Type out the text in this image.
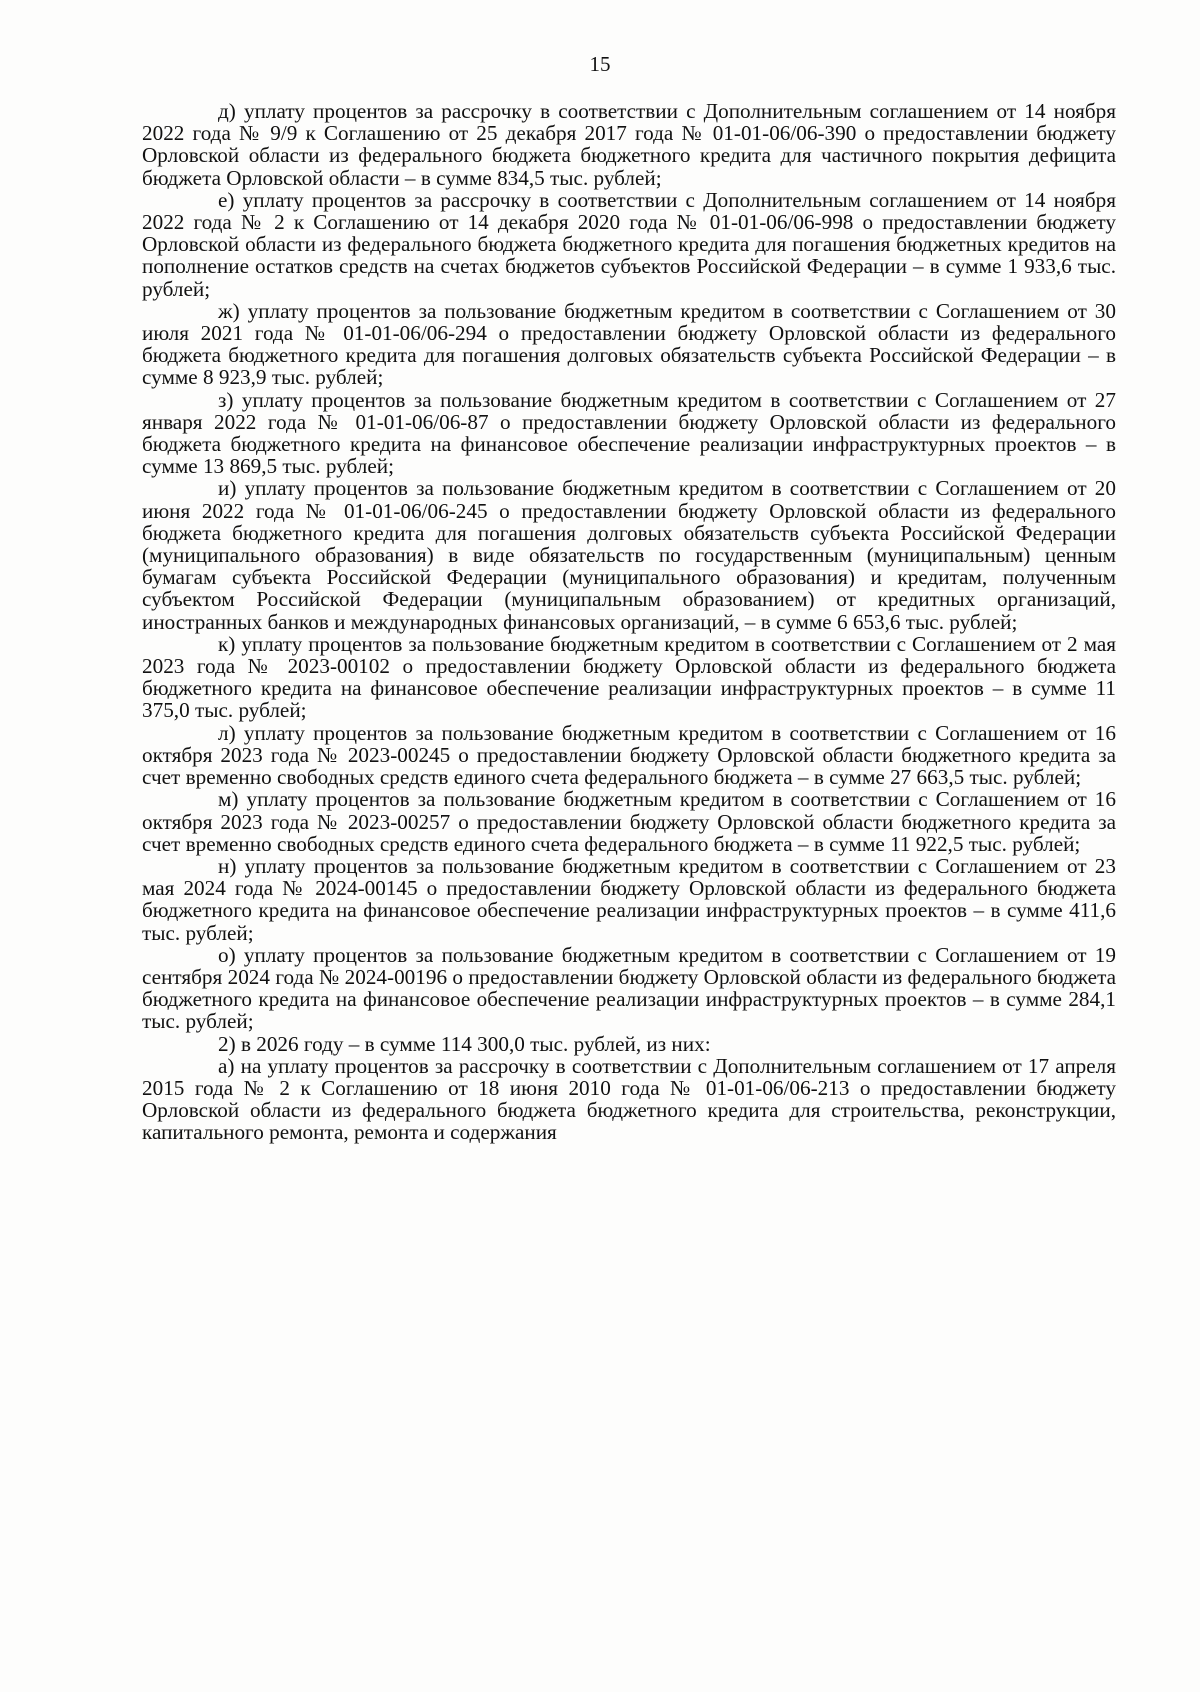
15

д) уплату процентов за рассрочку в соответствии с Дополнительным соглашением от 14 ноября 2022 года № 9/9 к Соглашению от 25 декабря 2017 года № 01-01-06/06-390 о предоставлении бюджету Орловской области из федерального бюджета бюджетного кредита для частичного покрытия дефицита бюджета Орловской области – в сумме 834,5 тыс. рублей;

е) уплату процентов за рассрочку в соответствии с Дополнительным соглашением от 14 ноября 2022 года № 2 к Соглашению от 14 декабря 2020 года № 01-01-06/06-998 о предоставлении бюджету Орловской области из федерального бюджета бюджетного кредита для погашения бюджетных кредитов на пополнение остатков средств на счетах бюджетов субъектов Российской Федерации – в сумме 1 933,6 тыс. рублей;

ж) уплату процентов за пользование бюджетным кредитом в соответствии с Соглашением от 30 июля 2021 года № 01-01-06/06-294 о предоставлении бюджету Орловской области из федерального бюджета бюджетного кредита для погашения долговых обязательств субъекта Российской Федерации – в сумме 8 923,9 тыс. рублей;

з) уплату процентов за пользование бюджетным кредитом в соответствии с Соглашением от 27 января 2022 года № 01-01-06/06-87 о предоставлении бюджету Орловской области из федерального бюджета бюджетного кредита на финансовое обеспечение реализации инфраструктурных проектов – в сумме 13 869,5 тыс. рублей;

и) уплату процентов за пользование бюджетным кредитом в соответствии с Соглашением от 20 июня 2022 года № 01-01-06/06-245 о предоставлении бюджету Орловской области из федерального бюджета бюджетного кредита для погашения долговых обязательств субъекта Российской Федерации (муниципального образования) в виде обязательств по государственным (муниципальным) ценным бумагам субъекта Российской Федерации (муниципального образования) и кредитам, полученным субъектом Российской Федерации (муниципальным образованием) от кредитных организаций, иностранных банков и международных финансовых организаций, – в сумме 6 653,6 тыс. рублей;

к) уплату процентов за пользование бюджетным кредитом в соответствии с Соглашением от 2 мая 2023 года № 2023-00102 о предоставлении бюджету Орловской области из федерального бюджета бюджетного кредита на финансовое обеспечение реализации инфраструктурных проектов – в сумме 11 375,0 тыс. рублей;

л) уплату процентов за пользование бюджетным кредитом в соответствии с Соглашением от 16 октября 2023 года № 2023-00245 о предоставлении бюджету Орловской области бюджетного кредита за счет временно свободных средств единого счета федерального бюджета – в сумме 27 663,5 тыс. рублей;

м) уплату процентов за пользование бюджетным кредитом в соответствии с Соглашением от 16 октября 2023 года № 2023-00257 о предоставлении бюджету Орловской области бюджетного кредита за счет временно свободных средств единого счета федерального бюджета – в сумме 11 922,5 тыс. рублей;

н) уплату процентов за пользование бюджетным кредитом в соответствии с Соглашением от 23 мая 2024 года № 2024-00145 о предоставлении бюджету Орловской области из федерального бюджета бюджетного кредита на финансовое обеспечение реализации инфраструктурных проектов – в сумме 411,6 тыс. рублей;

о) уплату процентов за пользование бюджетным кредитом в соответствии с Соглашением от 19 сентября 2024 года № 2024-00196 о предоставлении бюджету Орловской области из федерального бюджета бюджетного кредита на финансовое обеспечение реализации инфраструктурных проектов – в сумме 284,1 тыс. рублей;

2) в 2026 году – в сумме 114 300,0 тыс. рублей, из них:

а) на уплату процентов за рассрочку в соответствии с Дополнительным соглашением от 17 апреля 2015 года № 2 к Соглашению от 18 июня 2010 года № 01-01-06/06-213 о предоставлении бюджету Орловской области из федерального бюджета бюджетного кредита для строительства, реконструкции, капитального ремонта, ремонта и содержания
